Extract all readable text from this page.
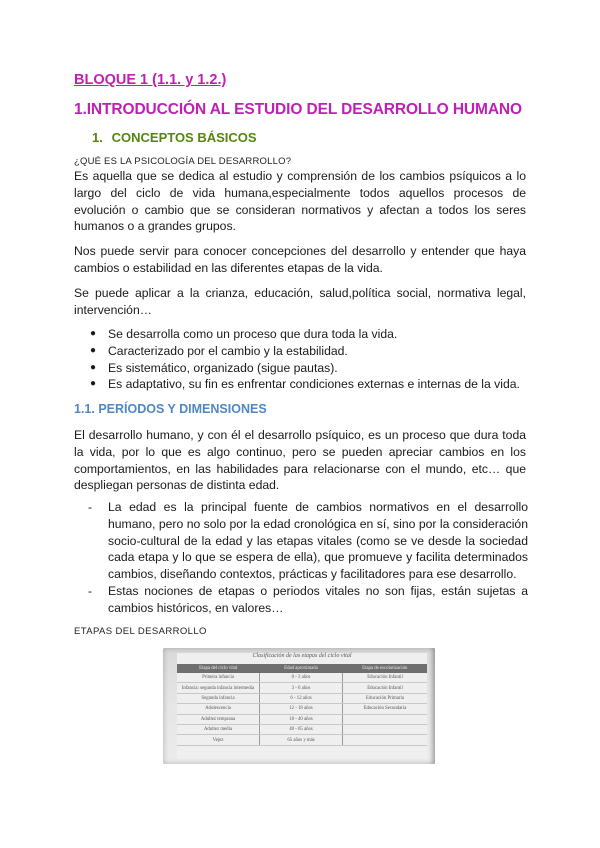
BLOQUE 1 (1.1. y 1.2.)
1.INTRODUCCIÓN AL ESTUDIO DEL DESARROLLO HUMANO
1. CONCEPTOS BÁSICOS
¿QUÉ ES LA PSICOLOGÍA DEL DESARROLLO?
Es aquella que se dedica al estudio y comprensión de los cambios psíquicos a lo largo del ciclo de vida humana,especialmente todos aquellos procesos de evolución o cambio que se consideran normativos y afectan a todos los seres humanos o a grandes grupos.
Nos puede servir para conocer concepciones del desarrollo y entender que haya cambios o estabilidad en las diferentes etapas de la vida.
Se puede aplicar a la crianza, educación, salud,política social, normativa legal, intervención…
● Se desarrolla como un proceso que dura toda la vida.
● Caracterizado por el cambio y la estabilidad.
● Es sistemático, organizado (sigue pautas).
● Es adaptativo, su fin es enfrentar condiciones externas e internas de la vida.
1.1. PERÍODOS Y DIMENSIONES
El desarrollo humano, y con él el desarrollo psíquico, es un proceso que dura toda la vida, por lo que es algo continuo, pero se pueden apreciar cambios en los comportamientos, en las habilidades para relacionarse con el mundo, etc… que despliegan personas de distinta edad.
- La edad es la principal fuente de cambios normativos en el desarrollo humano, pero no solo por la edad cronológica en sí, sino por la consideración socio-cultural de la edad y las etapas vitales (como se ve desde la sociedad cada etapa y lo que se espera de ella), que promueve y facilita determinados cambios, diseñando contextos, prácticas y facilitadores para ese desarrollo.
- Estas nociones de etapas o periodos vitales no son fijas, están sujetas a cambios históricos, en valores…
ETAPAS DEL DESARROLLO
Clasificación de las etapas del ciclo vital
Etapa del ciclo vital	Edad aproximada	Etapa de escolarización
Primera infancia	0 - 3 años	Educación Infantil
Infancia: segunda infancia intermedia	3 - 6 años	Educación Infantil
Segunda infancia	6 - 12 años	Educación Primaria
Adolescencia	12 - 18 años	Educación Secundaria
Adultez temprana	18 - 40 años	
Adultez media	40 - 65 años	
Vejez	65 años y más	
